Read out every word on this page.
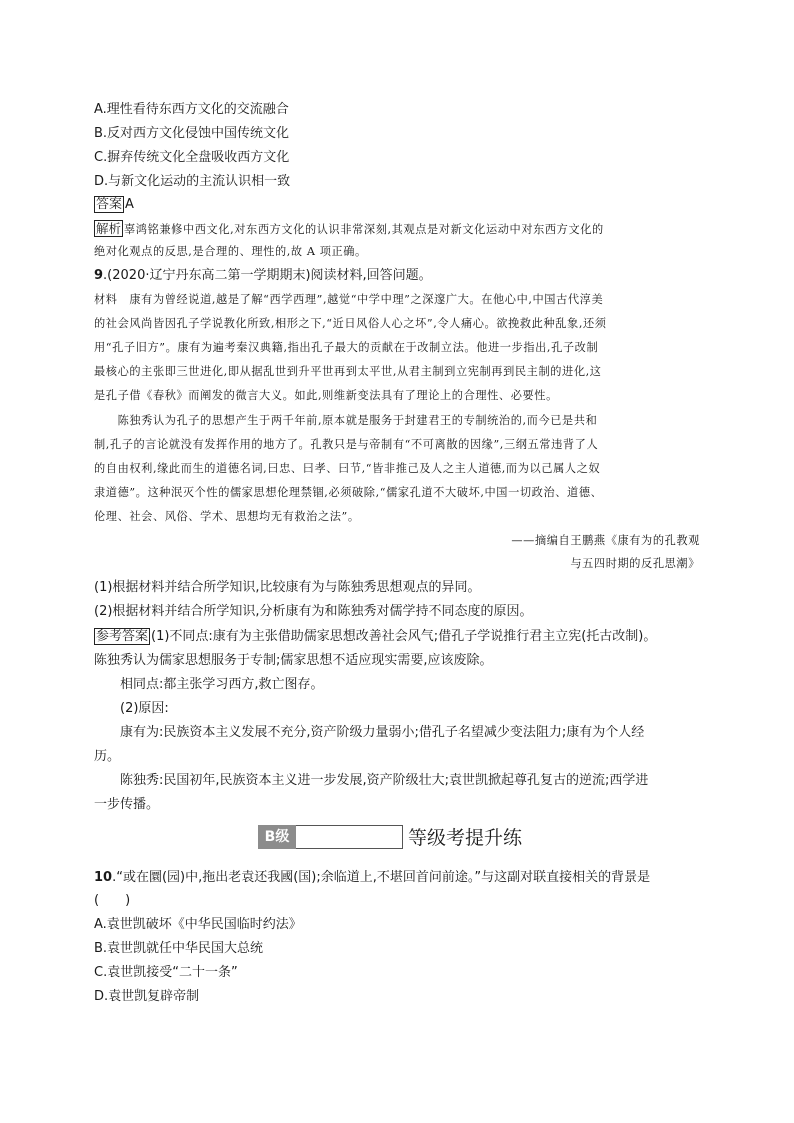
A.理性看待东西方文化的交流融合
B.反对西方文化侵蚀中国传统文化
C.摒弃传统文化全盘吸收西方文化
D.与新文化运动的主流认识相一致
答案 A
解析 辜鸿铭兼修中西文化,对东西方文化的认识非常深刻,其观点是对新文化运动中对东西方文化的
绝对化观点的反思,是合理的、理性的,故 A 项正确。
9.(2020·辽宁丹东高二第一学期期末)阅读材料,回答问题。
材料　康有为曾经说道,越是了解“西学西理”,越觉“中学中理”之深邃广大。在他心中,中国古代淳美
的社会风尚皆因孔子学说教化所致,相形之下,“近日风俗人心之坏”,令人痛心。欲挽救此种乱象,还须
用“孔子旧方”。康有为遍考秦汉典籍,指出孔子最大的贡献在于改制立法。他进一步指出,孔子改制
最核心的主张即三世进化,即从据乱世到升平世再到太平世,从君主制到立宪制再到民主制的进化,这
是孔子借《春秋》而阐发的微言大义。如此,则维新变法具有了理论上的合理性、必要性。
　　陈独秀认为孔子的思想产生于两千年前,原本就是服务于封建君王的专制统治的,而今已是共和
制,孔子的言论就没有发挥作用的地方了。孔教只是与帝制有“不可离散的因缘”,三纲五常违背了人
的自由权利,缘此而生的道德名词,曰忠、曰孝、曰节,“皆非推己及人之主人道德,而为以己属人之奴
隶道德”。这种泯灭个性的儒家思想伦理禁锢,必须破除,“儒家孔道不大破坏,中国一切政治、道德、
伦理、社会、风俗、学术、思想均无有救治之法”。
——摘编自王鹏燕《康有为的孔教观
与五四时期的反孔思潮》
(1)根据材料并结合所学知识,比较康有为与陈独秀思想观点的异同。
(2)根据材料并结合所学知识,分析康有为和陈独秀对儒学持不同态度的原因。
参考答案 (1)不同点:康有为主张借助儒家思想改善社会风气;借孔子学说推行君主立宪(托古改制)。
陈独秀认为儒家思想服务于专制;儒家思想不适应现实需要,应该废除。
　　相同点:都主张学习西方,救亡图存。
　　(2)原因:
　　康有为:民族资本主义发展不充分,资产阶级力量弱小;借孔子名望减少变法阻力;康有为个人经
历。
　　陈独秀:民国初年,民族资本主义进一步发展,资产阶级壮大;袁世凯掀起尊孔复古的逆流;西学进
一步传播。
B级	等级考提升练
10.“或在圜(园)中,拖出老袁还我國(国);余临道上,不堪回首问前途。”与这副对联直接相关的背景是
(　　)
A.袁世凯破坏《中华民国临时约法》
B.袁世凯就任中华民国大总统
C.袁世凯接受“二十一条”
D.袁世凯复辟帝制
